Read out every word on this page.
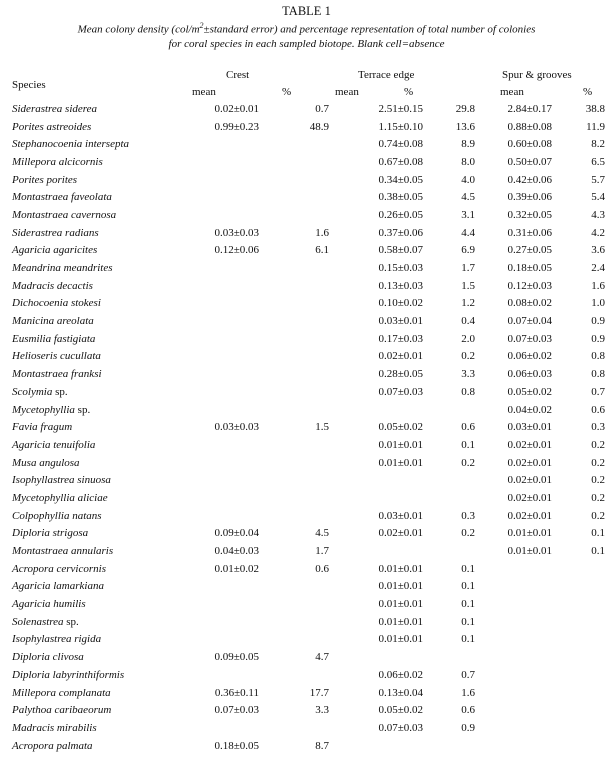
TABLE 1
Mean colony density ($col/m^2\pm standard$ error) and percentage representation of total number of colonies
for coral species in each sampled biotope. Blank cell=absence
Species
Crest	Terrace edge	Spur & grooves
mean	%	mean	%	mean	%
Siderastrea siderea	0.02±0.01	0.7	2.51±0.15	29.8	2.84±0.17	38.8
Porites astreoides	0.99±0.23	48.9	1.15±0.10	13.6	0.88±0.08	11.9
Stephanocoenia intersepta			0.74±0.08	8.9	0.60±0.08	8.2
Millepora alcicornis			0.67±0.08	8.0	0.50±0.07	6.5
Porites porites			0.34±0.05	4.0	0.42±0.06	5.7
Montastraea faveolata			0.38±0.05	4.5	0.39±0.06	5.4
Montastraea cavernosa			0.26±0.05	3.1	0.32±0.05	4.3
Siderastrea radians	0.03±0.03	1.6	0.37±0.06	4.4	0.31±0.06	4.2
Agaricia agaricites	0.12±0.06	6.1	0.58±0.07	6.9	0.27±0.05	3.6
Meandrina meandrites			0.15±0.03	1.7	0.18±0.05	2.4
Madracis decactis			0.13±0.03	1.5	0.12±0.03	1.6
Dichocoenia stokesi			0.10±0.02	1.2	0.08±0.02	1.0
Manicina areolata			0.03±0.01	0.4	0.07±0.04	0.9
Eusmilia fastigiata			0.17±0.03	2.0	0.07±0.03	0.9
Helioseris cucullata			0.02±0.01	0.2	0.06±0.02	0.8
Montastraea franksi			0.28±0.05	3.3	0.06±0.03	0.8
Scolymia sp.			0.07±0.03	0.8	0.05±0.02	0.7
Mycetophyllia sp.					0.04±0.02	0.6
Favia fragum	0.03±0.03	1.5	0.05±0.02	0.6	0.03±0.01	0.3
Agaricia tenuifolia			0.01±0.01	0.1	0.02±0.01	0.2
Musa angulosa			0.01±0.01	0.2	0.02±0.01	0.2
Isophyllastrea sinuosa					0.02±0.01	0.2
Mycetophyllia aliciae					0.02±0.01	0.2
Colpophyllia natans			0.03±0.01	0.3	0.02±0.01	0.2
Diploria strigosa	0.09±0.04	4.5	0.02±0.01	0.2	0.01±0.01	0.1
Montastraea annularis	0.04±0.03	1.7			0.01±0.01	0.1
Acropora cervicornis	0.01±0.02	0.6	0.01±0.01	0.1		
Agaricia lamarkiana			0.01±0.01	0.1		
Agaricia humilis			0.01±0.01	0.1		
Solenastrea sp.			0.01±0.01	0.1		
Isophylastrea rigida			0.01±0.01	0.1		
Diploria clivosa	0.09±0.05	4.7				
Diploria labyrinthiformis			0.06±0.02	0.7		
Millepora complanata	0.36±0.11	17.7	0.13±0.04	1.6		
Palythoa caribaeorum	0.07±0.03	3.3	0.05±0.02	0.6		
Madracis mirabilis			0.07±0.03	0.9		
Acropora palmata	0.18±0.05	8.7				
